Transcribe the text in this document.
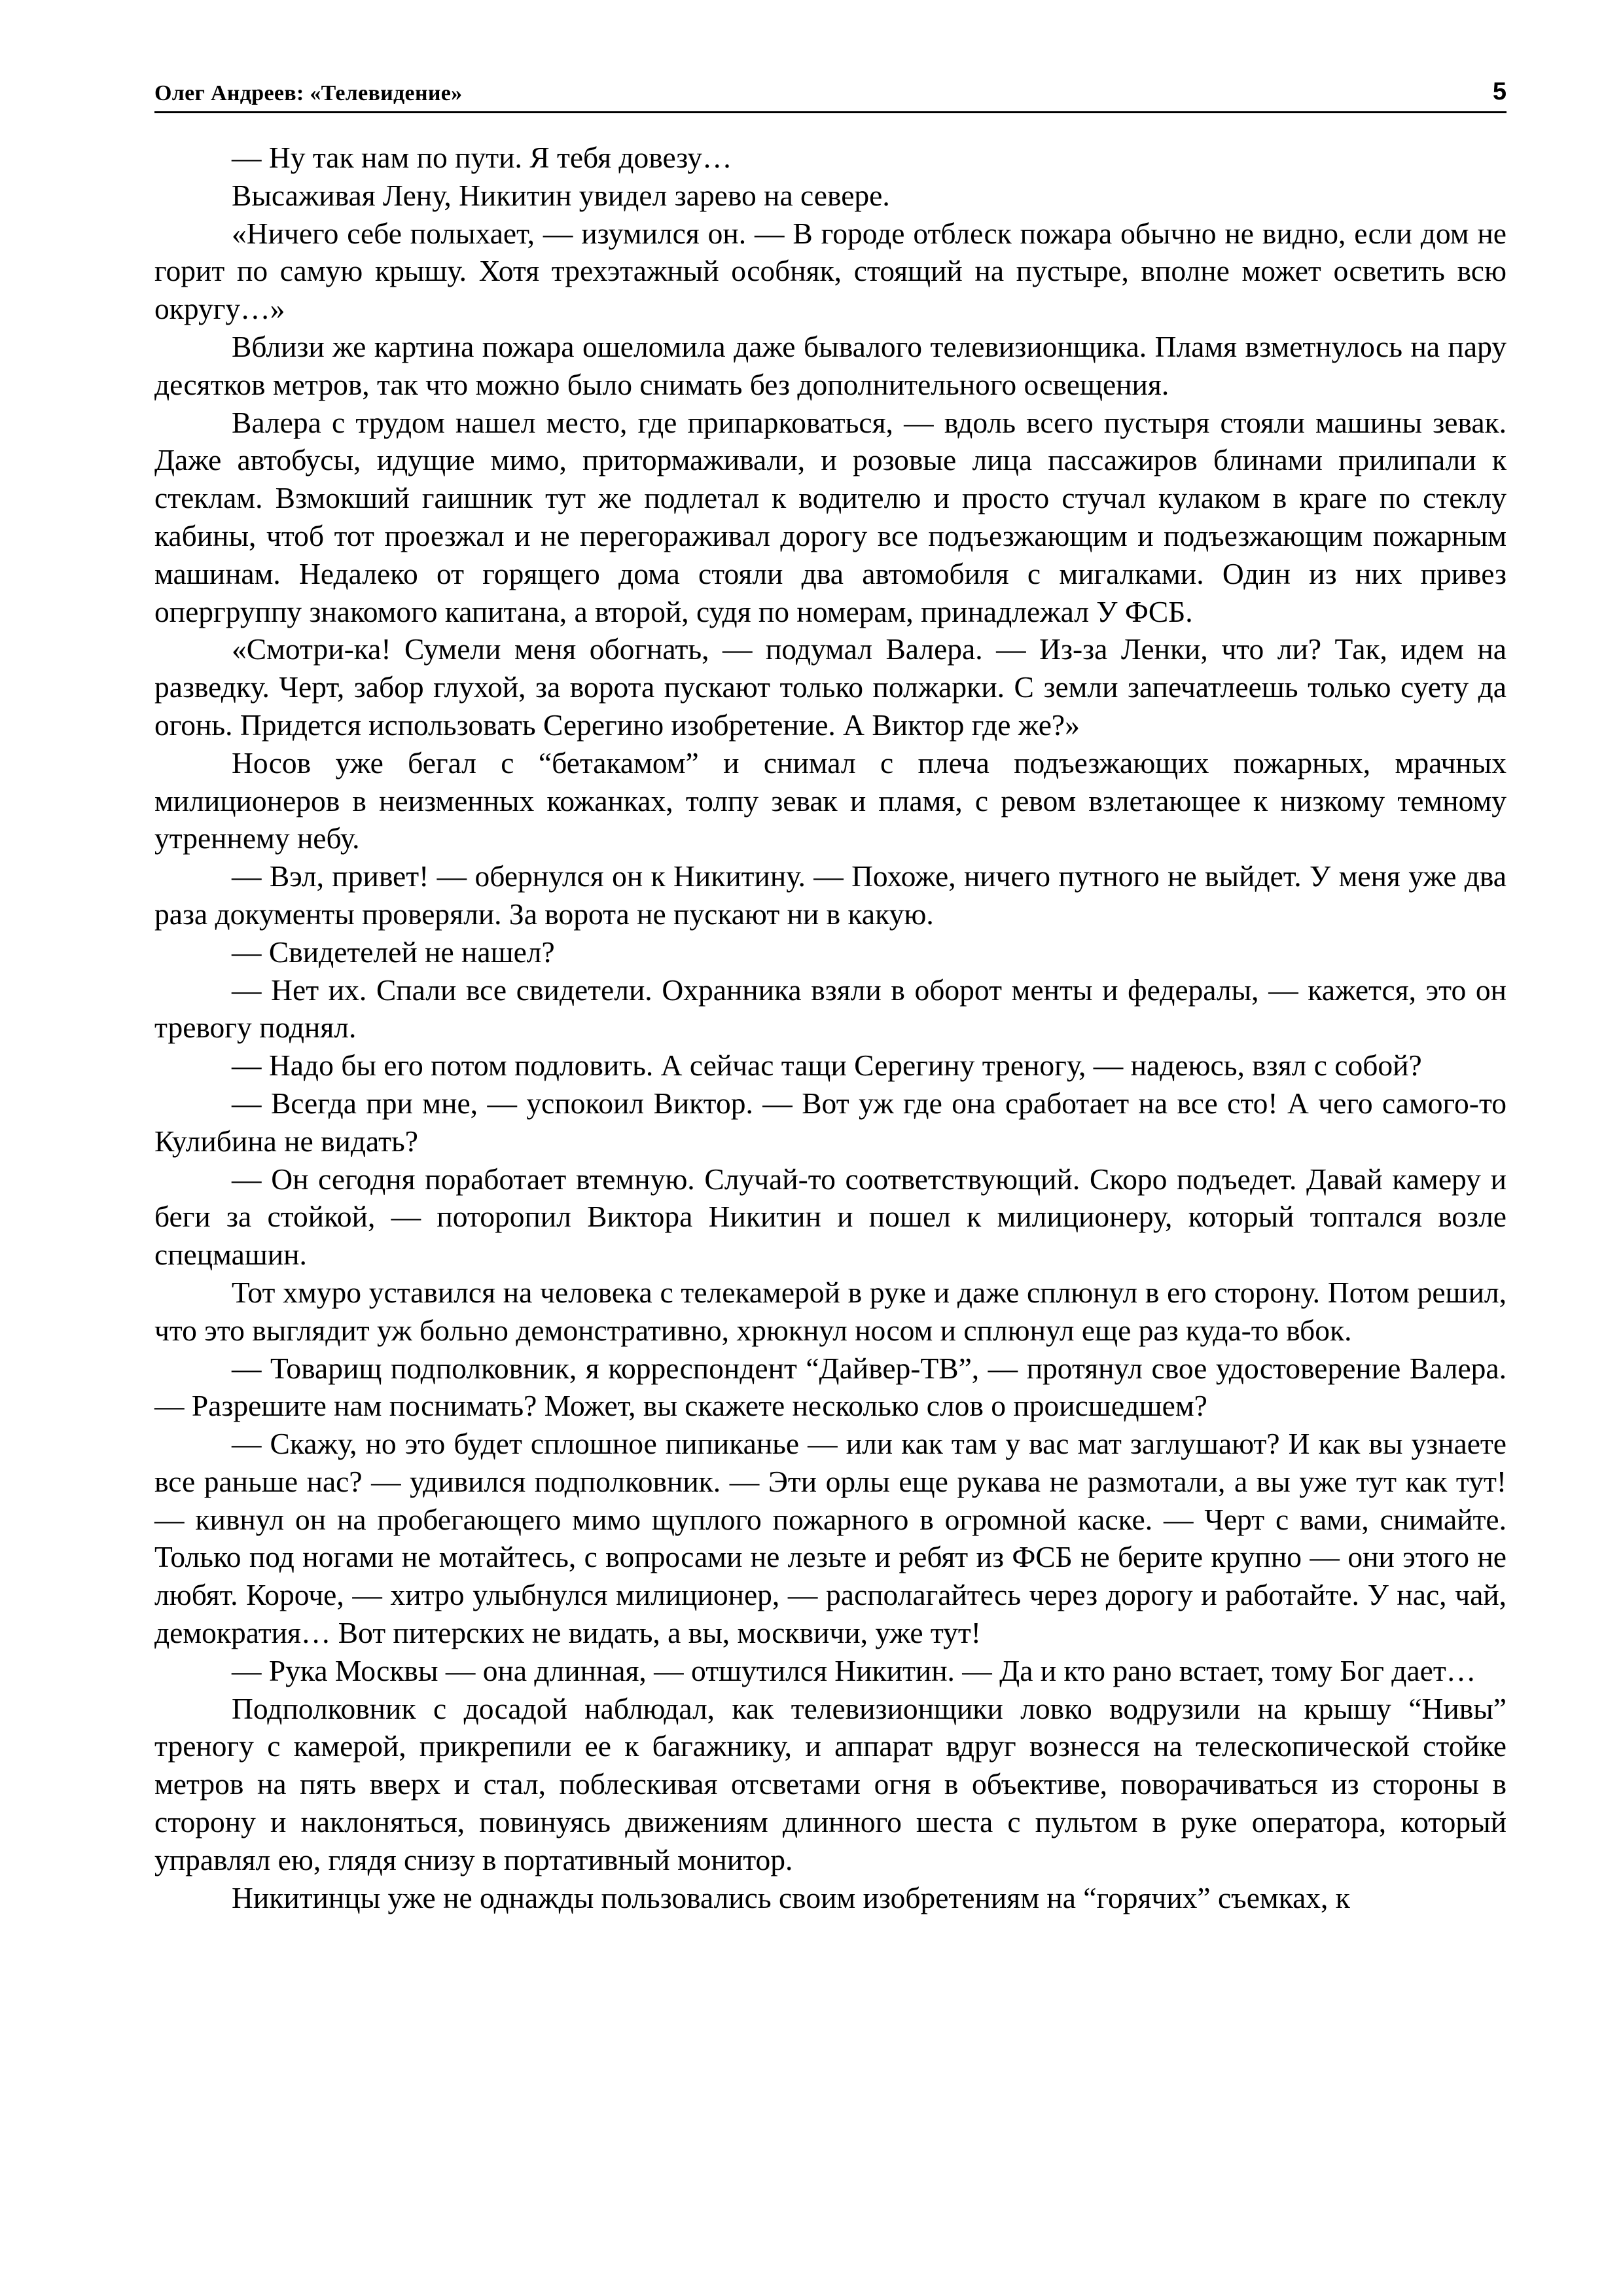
Олег Андреев: «Телевидение»	5

— Ну так нам по пути. Я тебя довезу…

Высаживая Лену, Никитин увидел зарево на севере.

«Ничего себе полыхает, — изумился он. — В городе отблеск пожара обычно не видно, если дом не горит по самую крышу. Хотя трехэтажный особняк, стоящий на пустыре, вполне может осветить всю округу…»

Вблизи же картина пожара ошеломила даже бывалого телевизионщика. Пламя взметнулось на пару десятков метров, так что можно было снимать без дополнительного освещения.

Валера с трудом нашел место, где припарковаться, — вдоль всего пустыря стояли машины зевак. Даже автобусы, идущие мимо, притормаживали, и розовые лица пассажиров блинами прилипали к стеклам. Взмокший гаишник тут же подлетал к водителю и просто стучал кулаком в краге по стеклу кабины, чтоб тот проезжал и не перегораживал дорогу все подъезжающим и подъезжающим пожарным машинам. Недалеко от горящего дома стояли два автомобиля с мигалками. Один из них привез опергруппу знакомого капитана, а второй, судя по номерам, принадлежал У ФСБ.

«Смотри-ка! Сумели меня обогнать, — подумал Валера. — Из-за Ленки, что ли? Так, идем на разведку. Черт, забор глухой, за ворота пускают только полжарки. С земли запечатлеешь только суету да огонь. Придется использовать Серегино изобретение. А Виктор где же?»

Носов уже бегал с “бетакамом” и снимал с плеча подъезжающих пожарных, мрачных милиционеров в неизменных кожанках, толпу зевак и пламя, с ревом взлетающее к низкому темному утреннему небу.

— Вэл, привет! — обернулся он к Никитину. — Похоже, ничего путного не выйдет. У меня уже два раза документы проверяли. За ворота не пускают ни в какую.

— Свидетелей не нашел?

— Нет их. Спали все свидетели. Охранника взяли в оборот менты и федералы, — кажется, это он тревогу поднял.

— Надо бы его потом подловить. А сейчас тащи Серегину треногу, — надеюсь, взял с собой?

— Всегда при мне, — успокоил Виктор. — Вот уж где она сработает на все сто! А чего самого-то Кулибина не видать?

— Он сегодня поработает втемную. Случай-то соответствующий. Скоро подъедет. Давай камеру и беги за стойкой, — поторопил Виктора Никитин и пошел к милиционеру, который топтался возле спецмашин.

Тот хмуро уставился на человека с телекамерой в руке и даже сплюнул в его сторону. Потом решил, что это выглядит уж больно демонстративно, хрюкнул носом и сплюнул еще раз куда-то вбок.

— Товарищ подполковник, я корреспондент “Дайвер-ТВ”, — протянул свое удостоверение Валера. — Разрешите нам поснимать? Может, вы скажете несколько слов о происшедшем?

— Скажу, но это будет сплошное пипиканье — или как там у вас мат заглушают? И как вы узнаете все раньше нас? — удивился подполковник. — Эти орлы еще рукава не размотали, а вы уже тут как тут! — кивнул он на пробегающего мимо щуплого пожарного в огромной каске. — Черт с вами, снимайте. Только под ногами не мотайтесь, с вопросами не лезьте и ребят из ФСБ не берите крупно — они этого не любят. Короче, — хитро улыбнулся милиционер, — располагайтесь через дорогу и работайте. У нас, чай, демократия… Вот питерских не видать, а вы, москвичи, уже тут!

— Рука Москвы — она длинная, — отшутился Никитин. — Да и кто рано встает, тому Бог дает…

Подполковник с досадой наблюдал, как телевизионщики ловко водрузили на крышу “Нивы” треногу с камерой, прикрепили ее к багажнику, и аппарат вдруг вознесся на телескопической стойке метров на пять вверх и стал, поблескивая отсветами огня в объективе, поворачиваться из стороны в сторону и наклоняться, повинуясь движениям длинного шеста с пультом в руке оператора, который управлял ею, глядя снизу в портативный монитор.

Никитинцы уже не однажды пользовались своим изобретениям на “горячих” съемках, к
